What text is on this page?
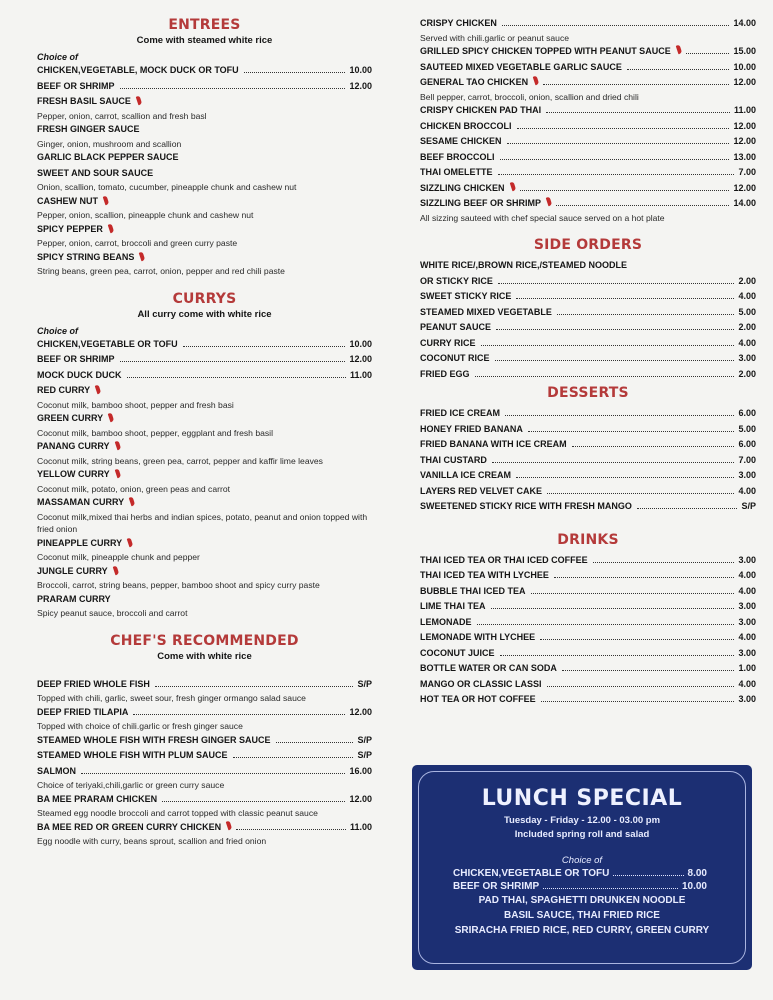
ENTREES
Come with steamed white rice
Choice of
CHICKEN,VEGETABLE, MOCK DUCK OR TOFU	10.00
BEEF OR SHRIMP	12.00
FRESH BASIL SAUCE
Pepper, onion, carrot, scallion and fresh basl
FRESH GINGER SAUCE
Ginger, onion, mushroom and scallion
GARLIC BLACK PEPPER SAUCE
SWEET AND SOUR SAUCE
Onion, scallion, tomato, cucumber, pineapple chunk and cashew nut
CASHEW NUT
Pepper, onion, scallion, pineapple chunk and cashew nut
SPICY PEPPER
Pepper, onion, carrot, broccoli and green curry paste
SPICY STRING BEANS
String beans, green pea, carrot, onion, pepper and red chili paste
CURRYS
All curry come with white rice
Choice of
CHICKEN,VEGETABLE OR TOFU	10.00
BEEF OR SHRIMP	12.00
MOCK DUCK DUCK	11.00
RED CURRY
Coconut milk, bamboo shoot, pepper and fresh basi
GREEN CURRY
Coconut milk, bamboo shoot, pepper, eggplant and fresh basil
PANANG CURRY
Coconut milk, string beans, green pea, carrot, pepper and kaffir lime leaves
YELLOW CURRY
Coconut milk, potato, onion, green peas and carrot
MASSAMAN CURRY
Coconut milk,mixed thai herbs and indian spices, potato, peanut and onion topped with fried onion
PINEAPPLE CURRY
Coconut milk, pineapple chunk and pepper
JUNGLE CURRY
Broccoli, carrot, string beans, pepper, bamboo shoot and spicy curry paste
PRARAM CURRY
Spicy peanut sauce, broccoli and carrot
CHEF'S RECOMMENDED
Come with white rice
DEEP FRIED WHOLE FISH	S/P
Topped with chili, garlic, sweet sour, fresh ginger ormango salad sauce
DEEP FRIED TILAPIA	12.00
Topped with choice of chili.garlic or fresh ginger sauce
STEAMED WHOLE FISH WITH FRESH GINGER SAUCE	S/P
STEAMED WHOLE FISH WITH PLUM SAUCE	S/P
SALMON	16.00
Choice of teriyaki,chili,garlic or green curry sauce
BA MEE PRARAM CHICKEN	12.00
Steamed egg noodle broccoli and carrot topped with classic peanut sauce
BA MEE RED OR GREEN CURRY CHICKEN	11.00
Egg noodle with curry, beans sprout, scallion and fried onion
CRISPY CHICKEN	14.00
Served with chili.garlic or peanut sauce
GRILLED SPICY CHICKEN TOPPED WITH PEANUT SAUCE	15.00
SAUTEED MIXED VEGETABLE GARLIC SAUCE	10.00
GENERAL TAO CHICKEN	12.00
Bell pepper, carrot, broccoli, onion, scallion and dried chili
CRISPY CHICKEN PAD THAI	11.00
CHICKEN BROCCOLI	12.00
SESAME CHICKEN	12.00
BEEF BROCCOLI	13.00
THAI OMELETTE	7.00
SIZZLING CHICKEN	12.00
SIZZLING BEEF OR SHRIMP	14.00
All sizzing sauteed with chef special sauce served on a hot plate
SIDE ORDERS
WHITE RICE/,BROWN RICE,/STEAMED NOODLE
OR STICKY RICE	2.00
SWEET STICKY RICE	4.00
STEAMED MIXED VEGETABLE	5.00
PEANUT SAUCE	2.00
CURRY RICE	4.00
COCONUT RICE	3.00
FRIED EGG	2.00
DESSERTS
FRIED ICE CREAM	6.00
HONEY FRIED BANANA	5.00
FRIED BANANA WITH ICE CREAM	6.00
THAI CUSTARD	7.00
VANILLA ICE CREAM	3.00
LAYERS RED VELVET CAKE	4.00
SWEETENED STICKY RICE WITH FRESH MANGO	S/P
DRINKS
THAI ICED TEA OR THAI ICED COFFEE	3.00
THAI ICED TEA WITH LYCHEE	4.00
BUBBLE THAI ICED TEA	4.00
LIME THAI TEA	3.00
LEMONADE	3.00
LEMONADE WITH LYCHEE	4.00
COCONUT JUICE	3.00
BOTTLE WATER OR CAN SODA	1.00
MANGO OR CLASSIC LASSI	4.00
HOT TEA OR HOT COFFEE	3.00
LUNCH SPECIAL
Tuesday - Friday - 12.00 - 03.00 pm
Included spring roll and salad
Choice of
CHICKEN,VEGETABLE OR TOFU	8.00
BEEF OR SHRIMP	10.00
PAD THAI, SPAGHETTI DRUNKEN NOODLE
BASIL SAUCE, THAI FRIED RICE
SRIRACHA FRIED RICE, RED CURRY, GREEN CURRY
